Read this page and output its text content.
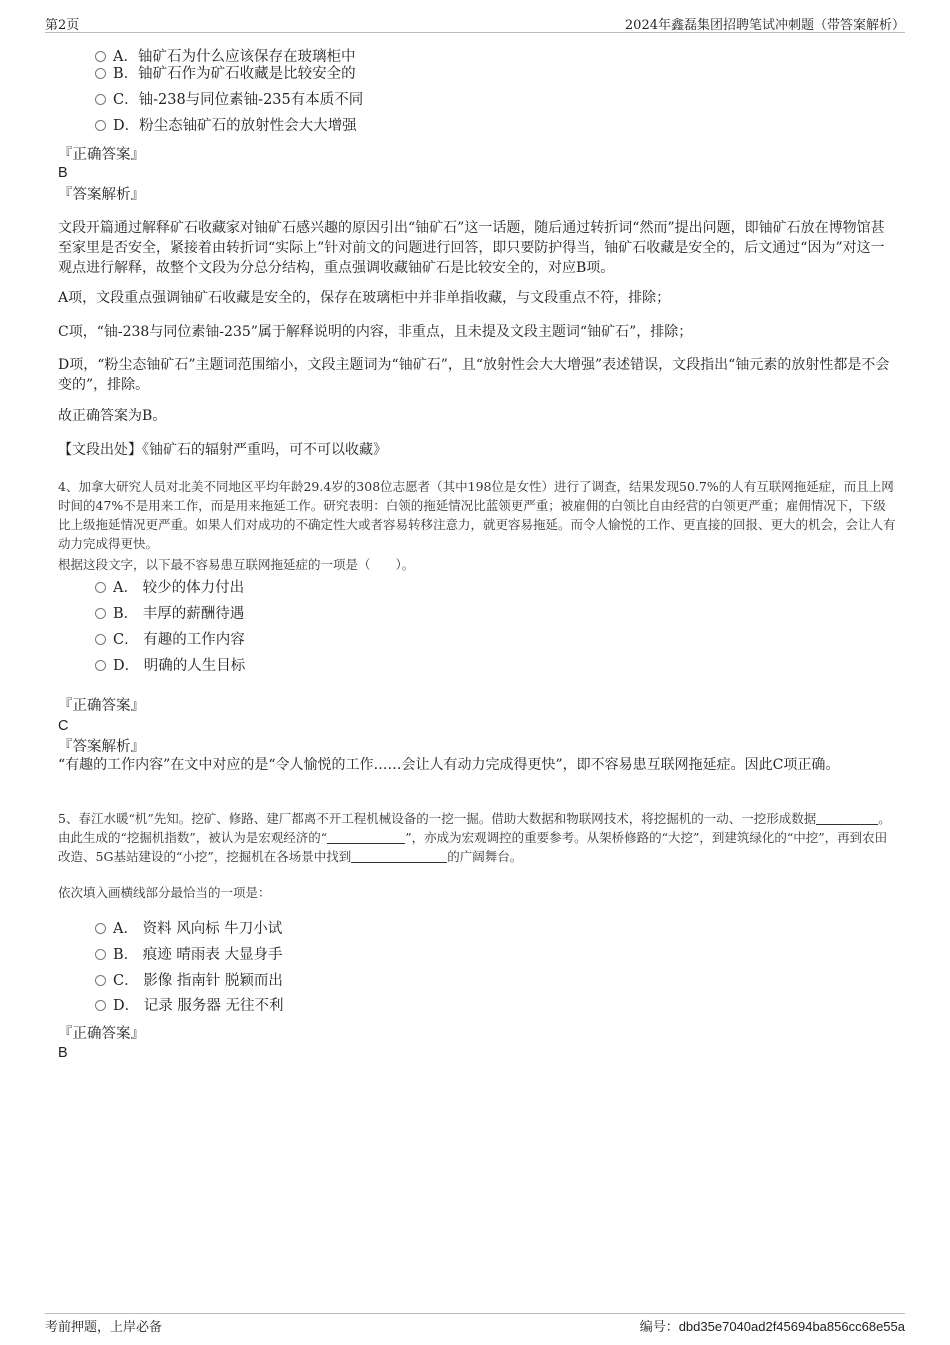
第2页	2024年鑫磊集团招聘笔试冲刺题（带答案解析）
A．铀矿石为什么应该保存在玻璃柜中
B．铀矿石作为矿石收藏是比较安全的
C．铀-238与同位素铀-235有本质不同
D．粉尘态铀矿石的放射性会大大增强
『正确答案』
B
『答案解析』
文段开篇通过解释矿石收藏家对铀矿石感兴趣的原因引出“铀矿石”这一话题，随后通过转折词“然而”提出问题，即铀矿石放在博物馆甚至家里是否安全，紧接着由转折词“实际上”针对前文的问题进行回答，即只要防护得当，铀矿石收藏是安全的，后文通过“因为”对这一观点进行解释，故整个文段为分总分结构，重点强调收藏铀矿石是比较安全的，对应B项。
A项，文段重点强调铀矿石收藏是安全的，保存在玻璃柜中并非单指收藏，与文段重点不符，排除；
C项，“铀-238与同位素铀-235”属于解释说明的内容，非重点，且未提及文段主题词“铀矿石”，排除；
D项，“粉尘态铀矿石”主题词范围缩小，文段主题词为“铀矿石”，且“放射性会大大增强”表述错误，文段指出“铀元素的放射性都是不会变的”，排除。
故正确答案为B。
【文段出处】《铀矿石的辐射严重吗，可不可以收藏》
4、加拿大研究人员对北美不同地区平均年龄29.4岁的308位志愿者（其中198位是女性）进行了调查，结果发现50.7%的人有互联网拖延症，而且上网时间的47%不是用来工作，而是用来拖延工作。研究表明：白领的拖延情况比蓝领更严重；被雇佣的白领比自由经营的白领更严重；雇佣情况下，下级比上级拖延情况更严重。如果人们对成功的不确定性大或者容易转移注意力，就更容易拖延。而令人愉悦的工作、更直接的回报、更大的机会，会让人有动力完成得更快。
根据这段文字，以下最不容易患互联网拖延症的一项是（　　）。
A． 较少的体力付出
B． 丰厚的薪酬待遇
C． 有趣的工作内容
D． 明确的人生目标
『正确答案』
C
『答案解析』
“有趣的工作内容”在文中对应的是“令人愉悦的工作……会让人有动力完成得更快”，即不容易患互联网拖延症。因此C项正确。
5、春江水暖“机”先知。挖矿、修路、建厂都离不开工程机械设备的一挖一掘。借助大数据和物联网技术，将挖掘机的一动、一挖形成数据	。由此生成的“挖掘机指数”，被认为是宏观经济的“	”，亦成为宏观调控的重要参考。从架桥修路的“大挖”，到建筑绿化的“中挖”，再到农田改造、5G基站建设的“小挖”，挖掘机在各场景中找到	的广阔舞台。
依次填入画横线部分最恰当的一项是：
A． 资料 风向标 牛刀小试
B． 痕迹 晴雨表 大显身手
C． 影像 指南针 脱颖而出
D． 记录 服务器 无往不利
『正确答案』
B
考前押题，上岸必备	编号：dbd35e7040ad2f45694ba856cc68e55a
